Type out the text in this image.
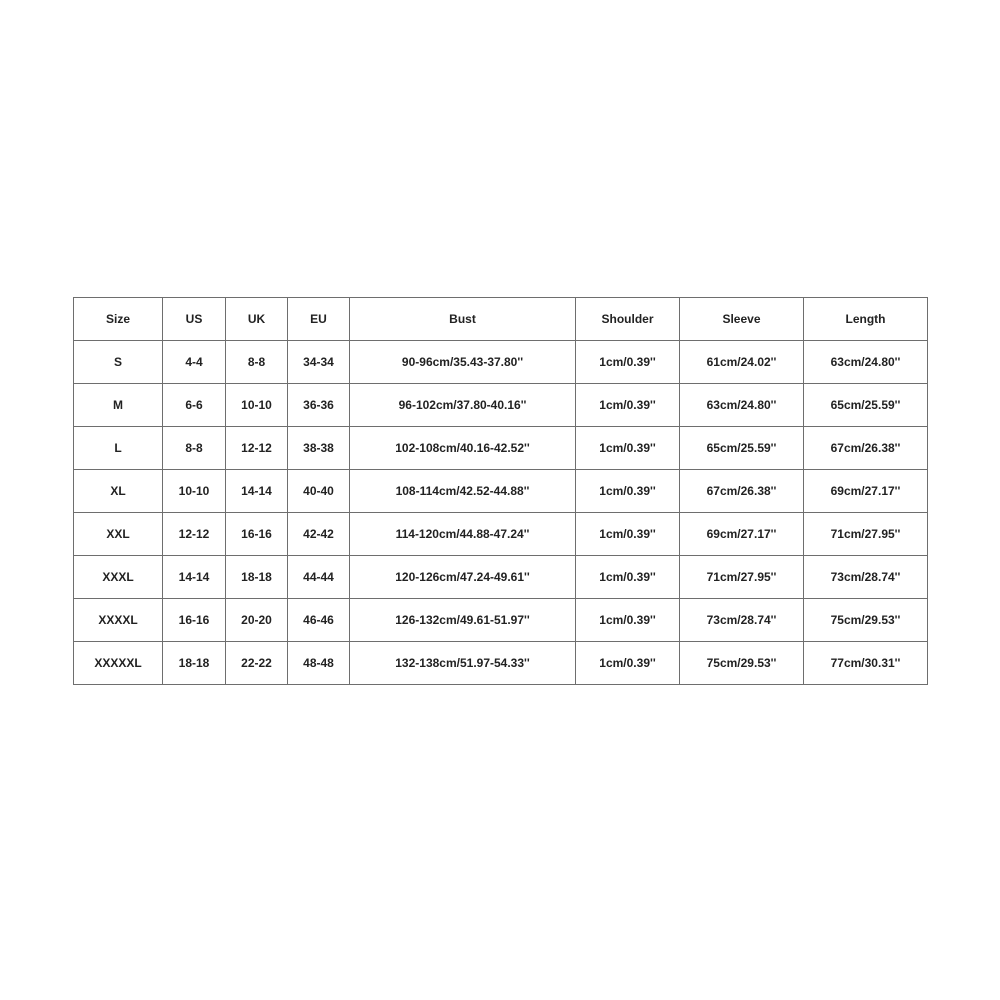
Size	US	UK	EU	Bust	Shoulder	Sleeve	Length
S	4-4	8-8	34-34	90-96cm/35.43-37.80''	1cm/0.39''	61cm/24.02''	63cm/24.80''
M	6-6	10-10	36-36	96-102cm/37.80-40.16''	1cm/0.39''	63cm/24.80''	65cm/25.59''
L	8-8	12-12	38-38	102-108cm/40.16-42.52''	1cm/0.39''	65cm/25.59''	67cm/26.38''
XL	10-10	14-14	40-40	108-114cm/42.52-44.88''	1cm/0.39''	67cm/26.38''	69cm/27.17''
XXL	12-12	16-16	42-42	114-120cm/44.88-47.24''	1cm/0.39''	69cm/27.17''	71cm/27.95''
XXXL	14-14	18-18	44-44	120-126cm/47.24-49.61''	1cm/0.39''	71cm/27.95''	73cm/28.74''
XXXXL	16-16	20-20	46-46	126-132cm/49.61-51.97''	1cm/0.39''	73cm/28.74''	75cm/29.53''
XXXXXL	18-18	22-22	48-48	132-138cm/51.97-54.33''	1cm/0.39''	75cm/29.53''	77cm/30.31''
